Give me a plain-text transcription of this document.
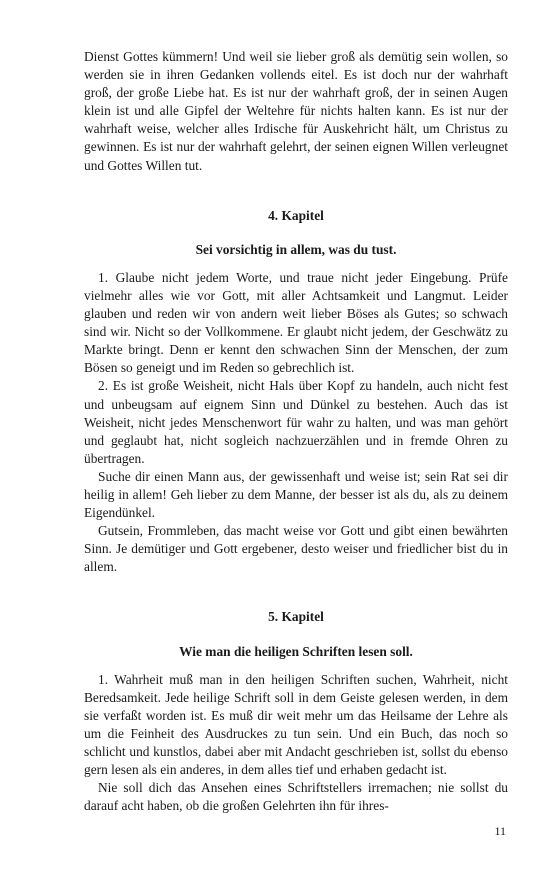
Dienst Gottes kümmern! Und weil sie lieber groß als demütig sein wollen, so werden sie in ihren Gedanken vollends eitel. Es ist doch nur der wahrhaft groß, der große Liebe hat. Es ist nur der wahrhaft groß, der in seinen Augen klein ist und alle Gipfel der Weltehre für nichts halten kann. Es ist nur der wahrhaft weise, welcher alles Irdische für Auskehricht hält, um Christus zu gewinnen. Es ist nur der wahrhaft gelehrt, der seinen eignen Willen verleugnet und Gottes Willen tut.

4. Kapitel

Sei vorsichtig in allem, was du tust.

1. Glaube nicht jedem Worte, und traue nicht jeder Eingebung. Prüfe vielmehr alles wie vor Gott, mit aller Achtsamkeit und Langmut. Leider glauben und reden wir von andern weit lieber Böses als Gutes; so schwach sind wir. Nicht so der Vollkommene. Er glaubt nicht jedem, der Geschwätz zu Markte bringt. Denn er kennt den schwachen Sinn der Menschen, der zum Bösen so geneigt und im Reden so gebrechlich ist.

2. Es ist große Weisheit, nicht Hals über Kopf zu handeln, auch nicht fest und unbeugsam auf eignem Sinn und Dünkel zu bestehen. Auch das ist Weisheit, nicht jedes Menschenwort für wahr zu halten, und was man gehört und geglaubt hat, nicht sogleich nachzuerzählen und in fremde Ohren zu übertragen.

Suche dir einen Mann aus, der gewissenhaft und weise ist; sein Rat sei dir heilig in allem! Geh lieber zu dem Manne, der besser ist als du, als zu deinem Eigendünkel.

Gutsein, Frommleben, das macht weise vor Gott und gibt einen bewährten Sinn. Je demütiger und Gott ergebener, desto weiser und friedlicher bist du in allem.

5. Kapitel

Wie man die heiligen Schriften lesen soll.

1. Wahrheit muß man in den heiligen Schriften suchen, Wahrheit, nicht Beredsamkeit. Jede heilige Schrift soll in dem Geiste gelesen werden, in dem sie verfaßt worden ist. Es muß dir weit mehr um das Heilsame der Lehre als um die Feinheit des Ausdruckes zu tun sein. Und ein Buch, das noch so schlicht und kunstlos, dabei aber mit Andacht geschrieben ist, sollst du ebenso gern lesen als ein anderes, in dem alles tief und erhaben gedacht ist.

Nie soll dich das Ansehen eines Schriftstellers irremachen; nie sollst du darauf acht haben, ob die großen Gelehrten ihn für ihres-

11
